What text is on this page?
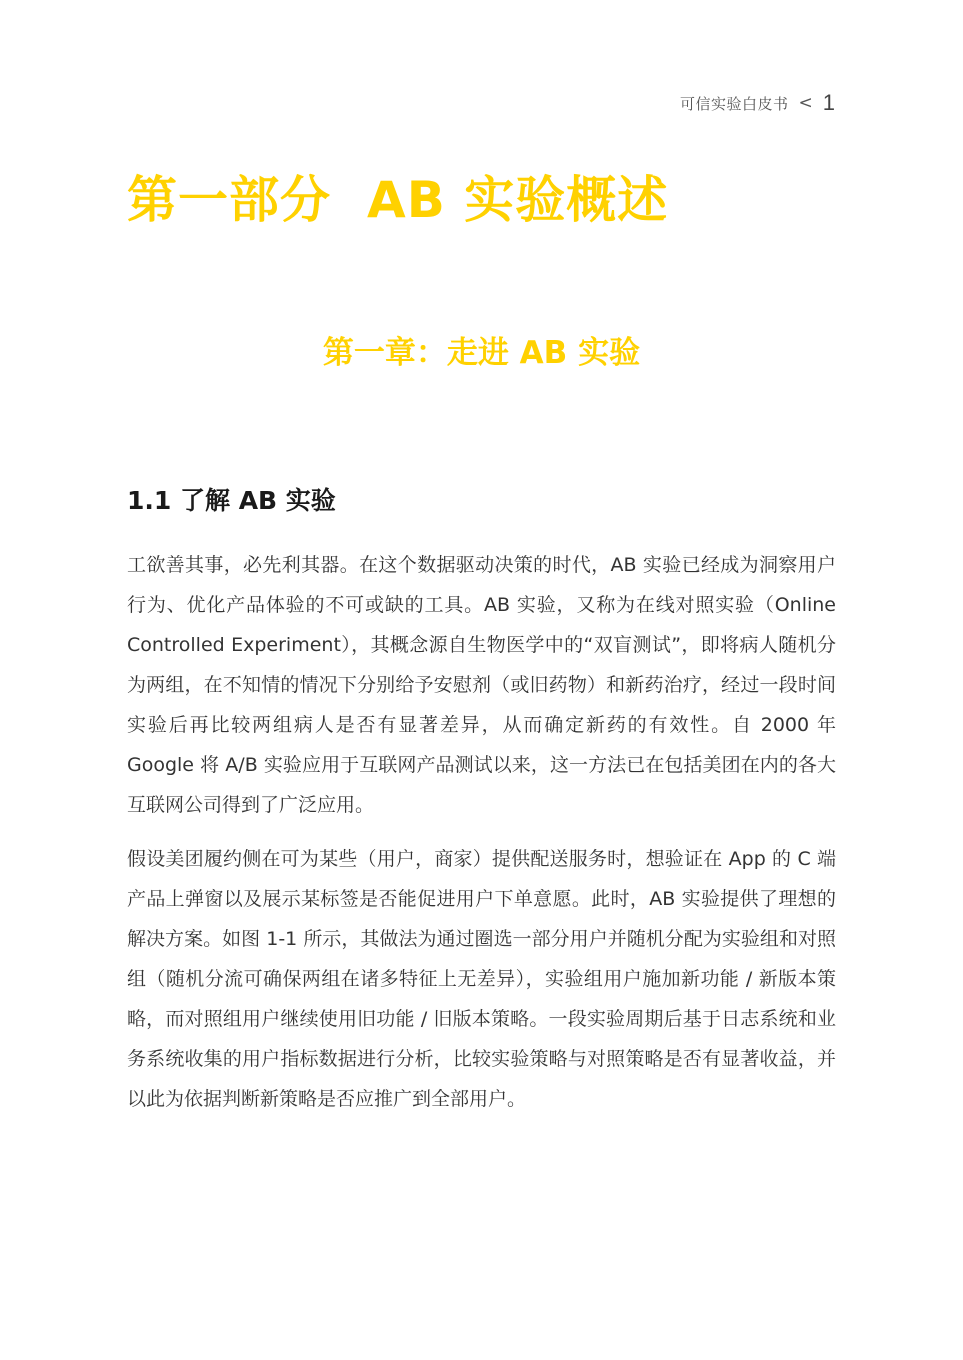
可信实验白皮书 < 1
第一部分 AB 实验概述
第一章：走进 AB 实验
1.1 了解 AB 实验

工欲善其事，必先利其器。在这个数据驱动决策的时代，AB 实验已经成为洞察用户行为、优化产品体验的不可或缺的工具。AB 实验，又称为在线对照实验（Online Controlled Experiment），其概念源自生物医学中的“双盲测试”，即将病人随机分为两组，在不知情的情况下分别给予安慰剂（或旧药物）和新药治疗，经过一段时间实验后再比较两组病人是否有显著差异，从而确定新药的有效性。自 2000 年 Google 将 A/B 实验应用于互联网产品测试以来，这一方法已在包括美团在内的各大互联网公司得到了广泛应用。

假设美团履约侧在可为某些（用户，商家）提供配送服务时，想验证在 App 的 C 端产品上弹窗以及展示某标签是否能促进用户下单意愿。此时，AB 实验提供了理想的解决方案。如图 1-1 所示，其做法为通过圈选一部分用户并随机分配为实验组和对照组（随机分流可确保两组在诸多特征上无差异），实验组用户施加新功能 / 新版本策略，而对照组用户继续使用旧功能 / 旧版本策略。一段实验周期后基于日志系统和业务系统收集的用户指标数据进行分析，比较实验策略与对照策略是否有显著收益，并以此为依据判断新策略是否应推广到全部用户。
